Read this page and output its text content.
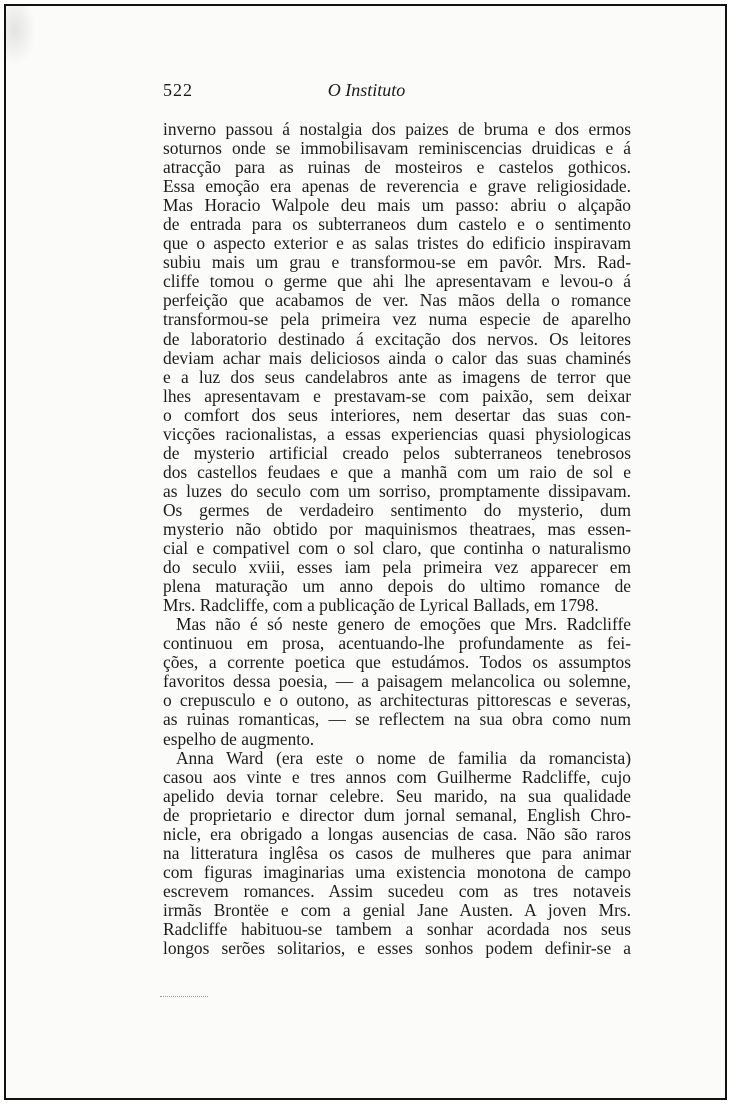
522	O Instituto
inverno passou á nostalgia dos paizes de bruma e dos ermos
soturnos onde se immobilisavam reminiscencias druidicas e á
atracção para as ruinas de mosteiros e castelos gothicos.
Essa emoção era apenas de reverencia e grave religiosidade.
Mas Horacio Walpole deu mais um passo: abriu o alçapão
de entrada para os subterraneos dum castelo e o sentimento
que o aspecto exterior e as salas tristes do edificio inspiravam
subiu mais um grau e transformou-se em pavôr. Mrs. Rad-
cliffe tomou o germe que ahi lhe apresentavam e levou-o á
perfeição que acabamos de ver. Nas mãos della o romance
transformou-se pela primeira vez numa especie de aparelho
de laboratorio destinado á excitação dos nervos. Os leitores
deviam achar mais deliciosos ainda o calor das suas chaminés
e a luz dos seus candelabros ante as imagens de terror que
lhes apresentavam e prestavam-se com paixão, sem deixar
o comfort dos seus interiores, nem desertar das suas con-
vicções racionalistas, a essas experiencias quasi physiologicas
de mysterio artificial creado pelos subterraneos tenebrosos
dos castellos feudaes e que a manhã com um raio de sol e
as luzes do seculo com um sorriso, promptamente dissipavam.
Os germes de verdadeiro sentimento do mysterio, dum
mysterio não obtido por maquinismos theatraes, mas essen-
cial e compativel com o sol claro, que continha o naturalismo
do seculo xviii, esses iam pela primeira vez apparecer em
plena maturação um anno depois do ultimo romance de
Mrs. Radcliffe, com a publicação de Lyrical Ballads, em 1798.
Mas não é só neste genero de emoções que Mrs. Radcliffe
continuou em prosa, acentuando-lhe profundamente as fei-
ções, a corrente poetica que estudámos. Todos os assumptos
favoritos dessa poesia, — a paisagem melancolica ou solemne,
o crepusculo e o outono, as architecturas pittorescas e severas,
as ruinas romanticas, — se reflectem na sua obra como num
espelho de augmento.
Anna Ward (era este o nome de familia da romancista)
casou aos vinte e tres annos com Guilherme Radcliffe, cujo
apelido devia tornar celebre. Seu marido, na sua qualidade
de proprietario e director dum jornal semanal, English Chro-
nicle, era obrigado a longas ausencias de casa. Não são raros
na litteratura inglêsa os casos de mulheres que para animar
com figuras imaginarias uma existencia monotona de campo
escrevem romances. Assim sucedeu com as tres notaveis
irmãs Brontëe e com a genial Jane Austen. A joven Mrs.
Radcliffe habituou-se tambem a sonhar acordada nos seus
longos serões solitarios, e esses sonhos podem definir-se a
